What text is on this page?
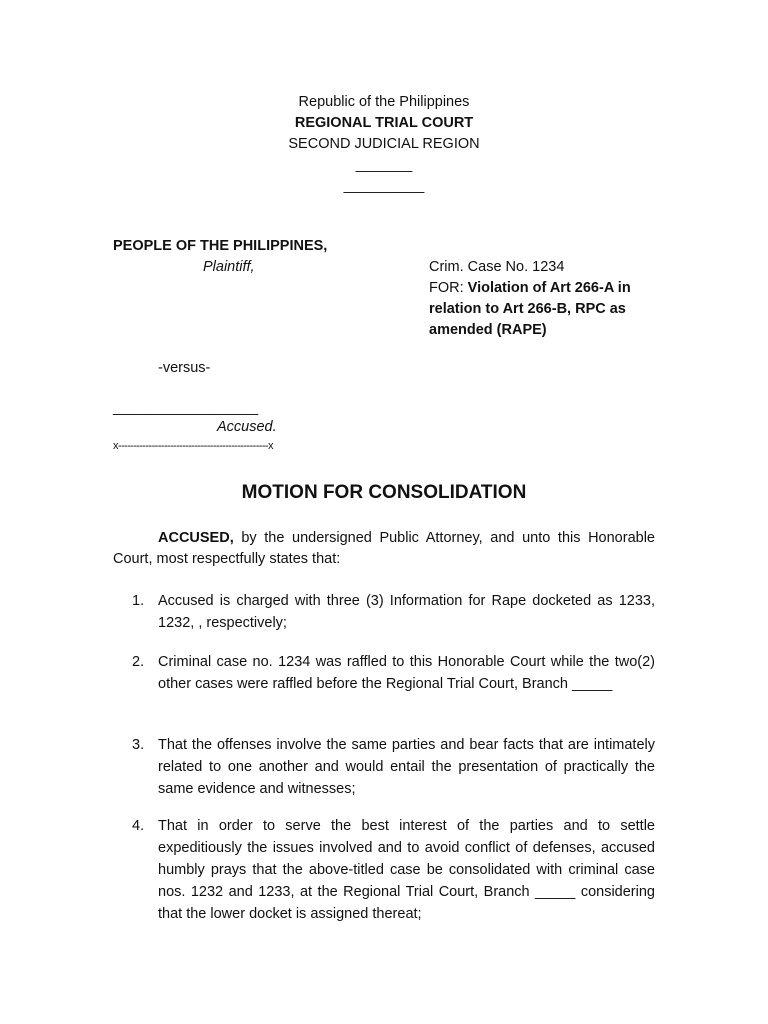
Republic of the Philippines
REGIONAL TRIAL COURT
SECOND JUDICIAL REGION
_______
__________
PEOPLE OF THE PHILIPPINES,
Plaintiff,	Crim. Case No. 1234
FOR: Violation of Art 266-A in relation to Art 266-B, RPC as amended (RAPE)
-versus-
__________________
Accused.
x-------------------------------------------------x
MOTION FOR CONSOLIDATION
ACCUSED, by the undersigned Public Attorney, and unto this Honorable Court, most respectfully states that:
1. Accused is charged with three (3) Information for Rape docketed as 1233, 1232, , respectively;
2. Criminal case no. 1234 was raffled to this Honorable Court while the two(2) other cases were raffled before the Regional Trial Court, Branch _____
3. That the offenses involve the same parties and bear facts that are intimately related to one another and would entail the presentation of practically the same evidence and witnesses;
4. That in order to serve the best interest of the parties and to settle expeditiously the issues involved and to avoid conflict of defenses, accused humbly prays that the above-titled case be consolidated with criminal case nos. 1232 and 1233, at the Regional Trial Court, Branch _____ considering that the lower docket is assigned thereat;
